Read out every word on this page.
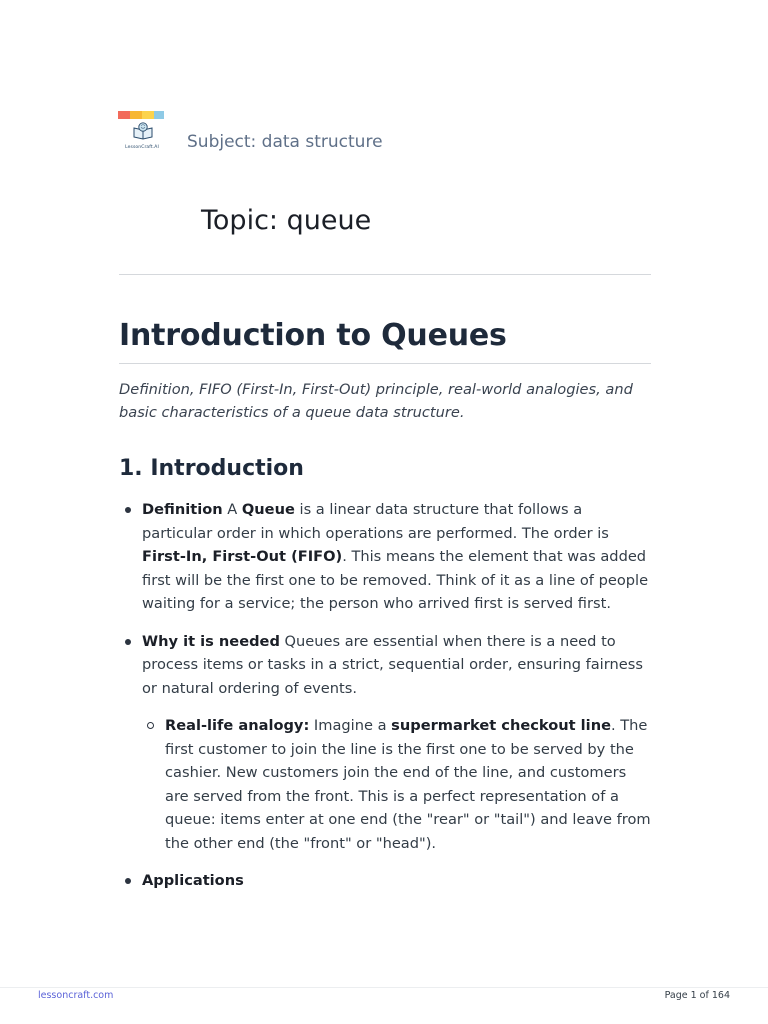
LessonCraft.AI Subject: data structure
Topic: queue
Introduction to Queues

Definition, FIFO (First-In, First-Out) principle, real-world analogies, and basic characteristics of a queue data structure.

1. Introduction
Definition A Queue is a linear data structure that follows a particular order in which operations are performed. The order is First-In, First-Out (FIFO). This means the element that was added first will be the first one to be removed. Think of it as a line of people waiting for a service; the person who arrived first is served first.
Why it is needed Queues are essential when there is a need to process items or tasks in a strict, sequential order, ensuring fairness or natural ordering of events.
Real-life analogy: Imagine a supermarket checkout line. The first customer to join the line is the first one to be served by the cashier. New customers join the end of the line, and customers are served from the front. This is a perfect representation of a queue: items enter at one end (the "rear" or "tail") and leave from the other end (the "front" or "head").
Applications
lessoncraft.com	Page 1 of 164
